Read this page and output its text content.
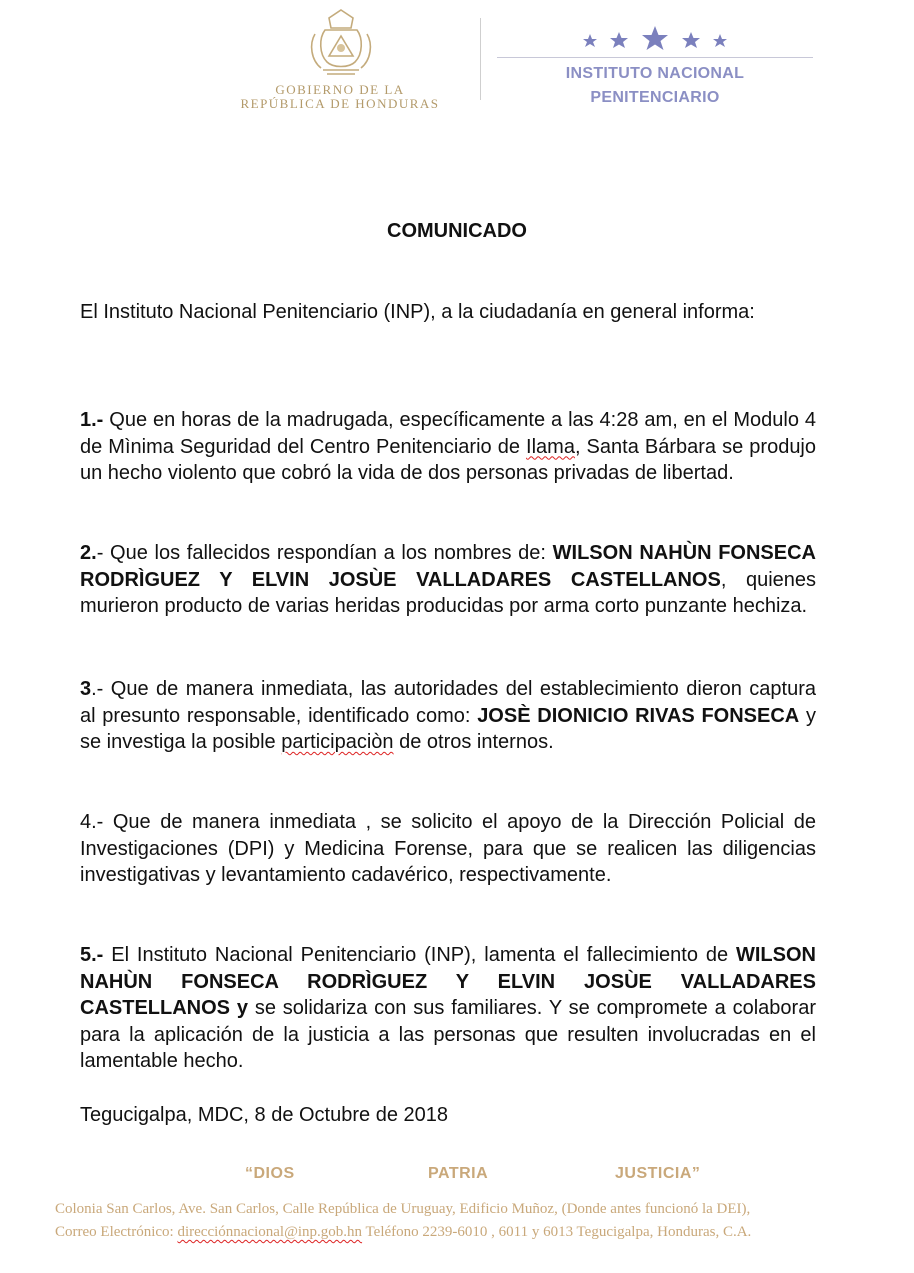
GOBIERNO DE LA
REPÚBLICA DE HONDURAS
INSTITUTO NACIONAL
PENITENCIARIO
COMUNICADO
El Instituto Nacional Penitenciario (INP), a la ciudadanía en general informa:
1.- Que en horas de la madrugada, específicamente a las 4:28 am, en el Modulo 4 de Mìnima Seguridad del Centro Penitenciario de Ilama, Santa Bárbara se produjo un hecho violento que cobró la vida de dos personas privadas de libertad.
2.- Que los fallecidos respondían a los nombres de: WILSON NAHÙN FONSECA RODRÌGUEZ Y ELVIN JOSÙE VALLADARES CASTELLANOS, quienes murieron producto de varias heridas producidas por arma corto punzante hechiza.
3.- Que de manera inmediata, las autoridades del establecimiento dieron captura al presunto responsable, identificado como: JOSÈ DIONICIO RIVAS FONSECA y se investiga la posible participaciòn de otros internos.
4.- Que de manera inmediata , se solicito el apoyo de la Dirección Policial de Investigaciones (DPI) y Medicina Forense, para que se realicen las diligencias investigativas y levantamiento cadavérico, respectivamente.
5.- El Instituto Nacional Penitenciario (INP), lamenta el fallecimiento de WILSON NAHÙN FONSECA RODRÌGUEZ Y ELVIN JOSÙE VALLADARES CASTELLANOS y se solidariza con sus familiares. Y se compromete a colaborar para la aplicación de la justicia a las personas que resulten involucradas en el lamentable hecho.
Tegucigalpa, MDC, 8 de Octubre de 2018
“DIOS	PATRIA	JUSTICIA”
Colonia San Carlos, Ave. San Carlos, Calle República de Uruguay, Edificio Muñoz, (Donde antes funcionó la DEI),
Correo Electrónico: direcciónnacional@inp.gob.hn Teléfono 2239-6010 , 6011 y 6013 Tegucigalpa, Honduras, C.A.
